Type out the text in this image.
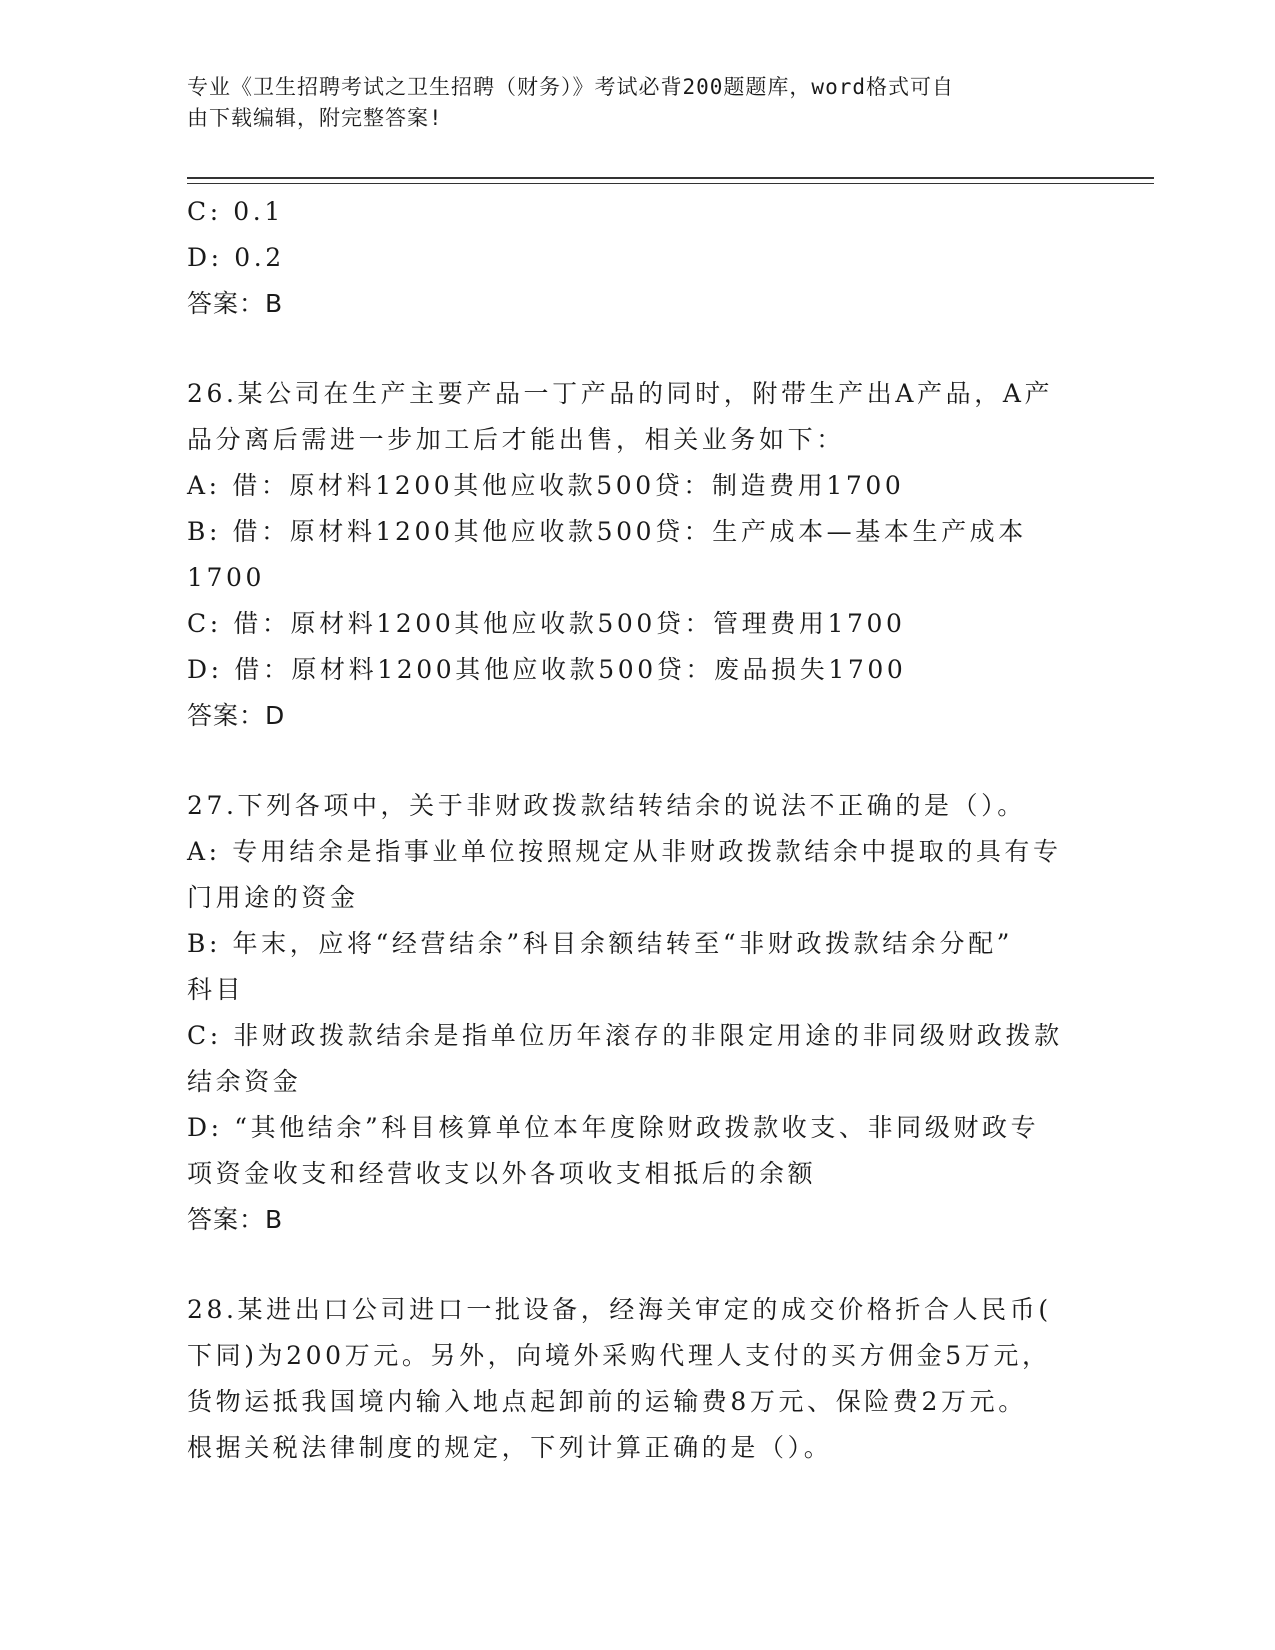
专业《卫生招聘考试之卫生招聘（财务）》考试必背200题题库，word格式可自
由下载编辑，附完整答案!
C: 0.1
D: 0.2
答案：B
26.某公司在生产主要产品一丁产品的同时，附带生产出A产品，A产
品分离后需进一步加工后才能出售，相关业务如下：
A: 借：原材料1200其他应收款500贷：制造费用1700
B: 借：原材料1200其他应收款500贷：生产成本—基本生产成本
1700
C: 借：原材料1200其他应收款500贷：管理费用1700
D: 借：原材料1200其他应收款500贷：废品损失1700
答案：D
27.下列各项中，关于非财政拨款结转结余的说法不正确的是（）。
A: 专用结余是指事业单位按照规定从非财政拨款结余中提取的具有专
门用途的资金
B: 年末，应将“经营结余”科目余额结转至“非财政拨款结余分配”
科目
C: 非财政拨款结余是指单位历年滚存的非限定用途的非同级财政拨款
结余资金
D: “其他结余”科目核算单位本年度除财政拨款收支、非同级财政专
项资金收支和经营收支以外各项收支相抵后的余额
答案：B
28.某进出口公司进口一批设备，经海关审定的成交价格折合人民币(
下同)为200万元。另外，向境外采购代理人支付的买方佣金5万元，
货物运抵我国境内输入地点起卸前的运输费8万元、保险费2万元。
根据关税法律制度的规定，下列计算正确的是（）。
